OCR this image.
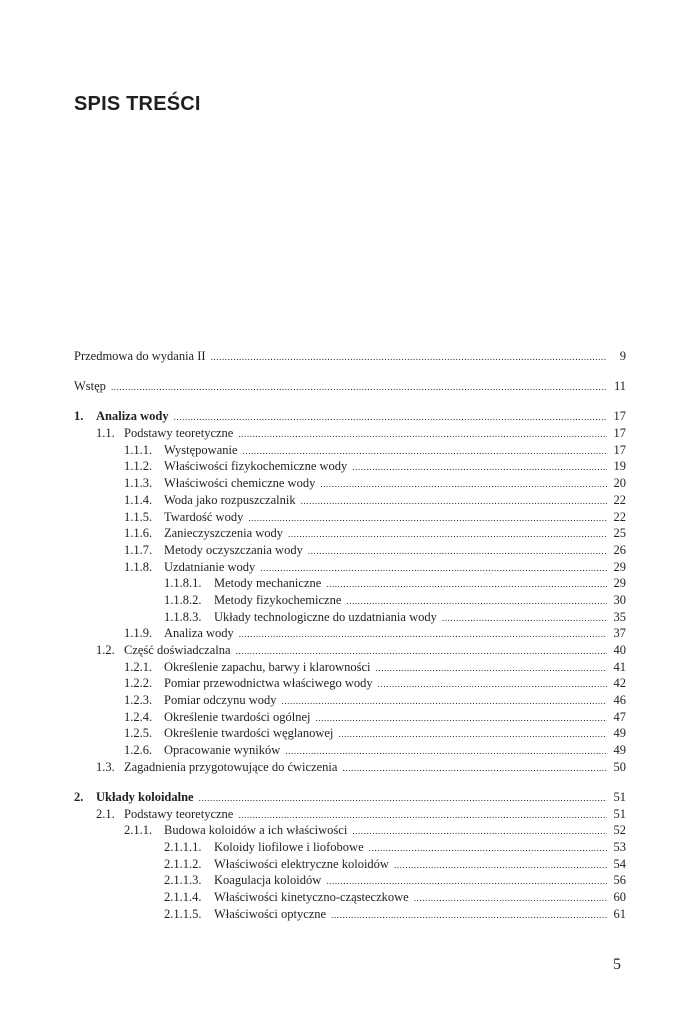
SPIS TREŚCI
Przedmowa do wydania II .....	9
Wstęp .....	11
1.	Analiza wody .....	17
1.1. Podstawy teoretyczne .....	17
1.1.1. Występowanie .....	17
1.1.2. Właściwości fizykochemiczne wody .....	19
1.1.3. Właściwości chemiczne wody .....	20
1.1.4. Woda jako rozpuszczalnik .....	22
1.1.5. Twardość wody .....	22
1.1.6. Zanieczyszczenia wody .....	25
1.1.7. Metody oczyszczania wody .....	26
1.1.8. Uzdatnianie wody .....	29
1.1.8.1.	Metody mechaniczne .....	29
1.1.8.2.	Metody fizykochemiczne .....	30
1.1.8.3.	Układy technologiczne do uzdatniania wody .....	35
1.1.9. Analiza wody .....	37
1.2. Część doświadczalna .....	40
1.2.1. Określenie zapachu, barwy i klarowności .....	41
1.2.2. Pomiar przewodnictwa właściwego wody .....	42
1.2.3. Pomiar odczynu wody .....	46
1.2.4. Określenie twardości ogólnej .....	47
1.2.5. Określenie twardości węglanowej .....	49
1.2.6. Opracowanie wyników .....	49
1.3. Zagadnienia przygotowujące do ćwiczenia .....	50
2.	Układy koloidalne .....	51
2.1. Podstawy teoretyczne .....	51
2.1.1. Budowa koloidów a ich właściwości .....	52
2.1.1.1.	Koloidy liofilowe i liofobowe .....	53
2.1.1.2.	Właściwości elektryczne koloidów .....	54
2.1.1.3.	Koagulacja koloidów .....	56
2.1.1.4.	Właściwości kinetyczno-cząsteczkowe .....	60
2.1.1.5.	Właściwości optyczne .....	61
5
